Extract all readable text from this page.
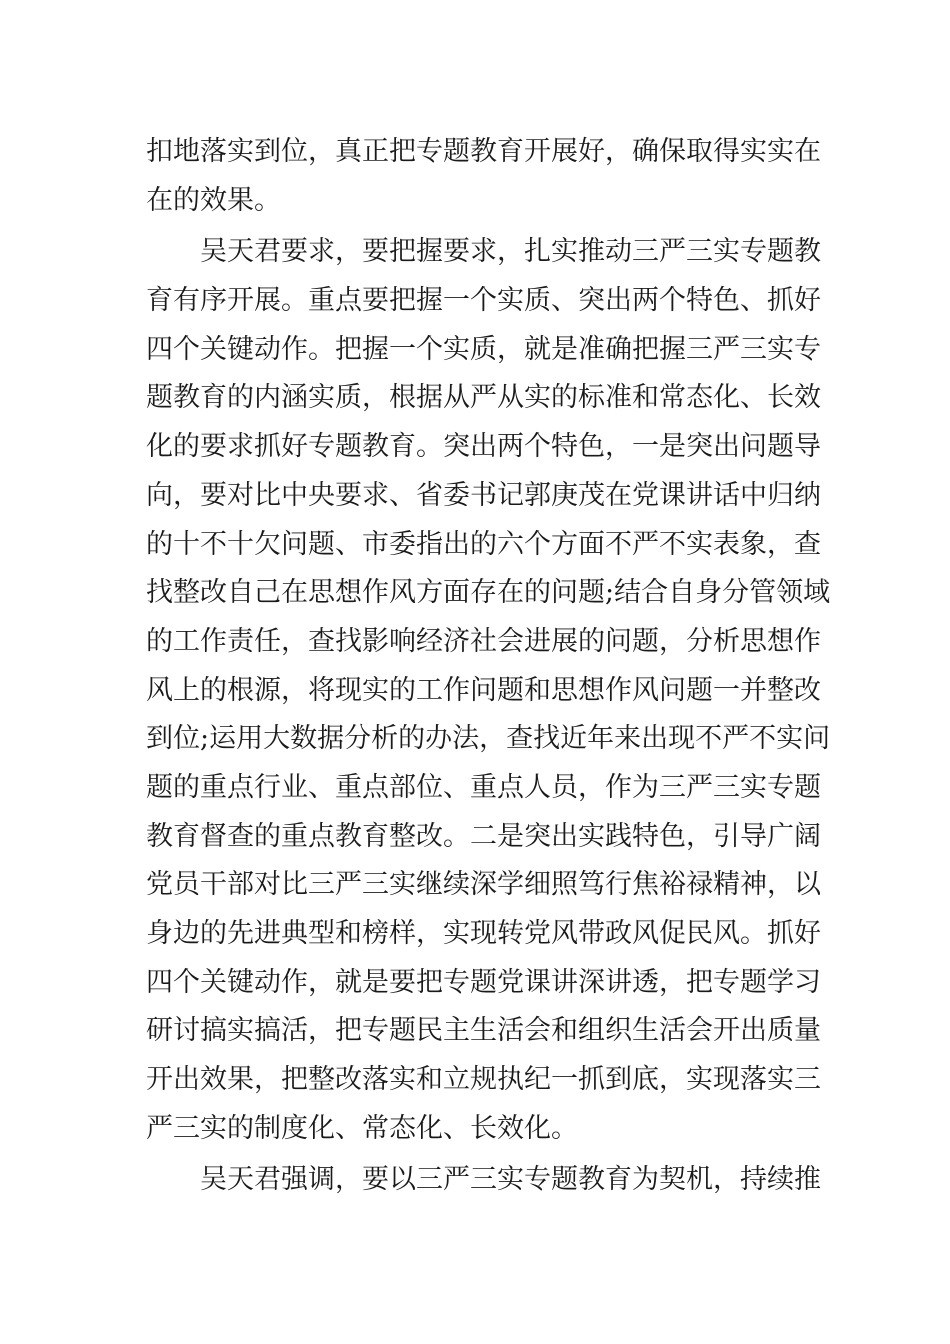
扣地落实到位，真正把专题教育开展好，确保取得实实在
在的效果。
吴天君要求，要把握要求，扎实推动三严三实专题教
育有序开展。重点要把握一个实质、突出两个特色、抓好
四个关键动作。把握一个实质，就是准确把握三严三实专
题教育的内涵实质，根据从严从实的标准和常态化、长效
化的要求抓好专题教育。突出两个特色，一是突出问题导
向，要对比中央要求、省委书记郭庚茂在党课讲话中归纳
的十不十欠问题、市委指出的六个方面不严不实表象，查
找整改自己在思想作风方面存在的问题;结合自身分管领域
的工作责任，查找影响经济社会进展的问题，分析思想作
风上的根源，将现实的工作问题和思想作风问题一并整改
到位;运用大数据分析的办法，查找近年来出现不严不实问
题的重点行业、重点部位、重点人员，作为三严三实专题
教育督查的重点教育整改。二是突出实践特色，引导广阔
党员干部对比三严三实继续深学细照笃行焦裕禄精神，以
身边的先进典型和榜样，实现转党风带政风促民风。抓好
四个关键动作，就是要把专题党课讲深讲透，把专题学习
研讨搞实搞活，把专题民主生活会和组织生活会开出质量
开出效果，把整改落实和立规执纪一抓到底，实现落实三
严三实的制度化、常态化、长效化。
吴天君强调，要以三严三实专题教育为契机，持续推
